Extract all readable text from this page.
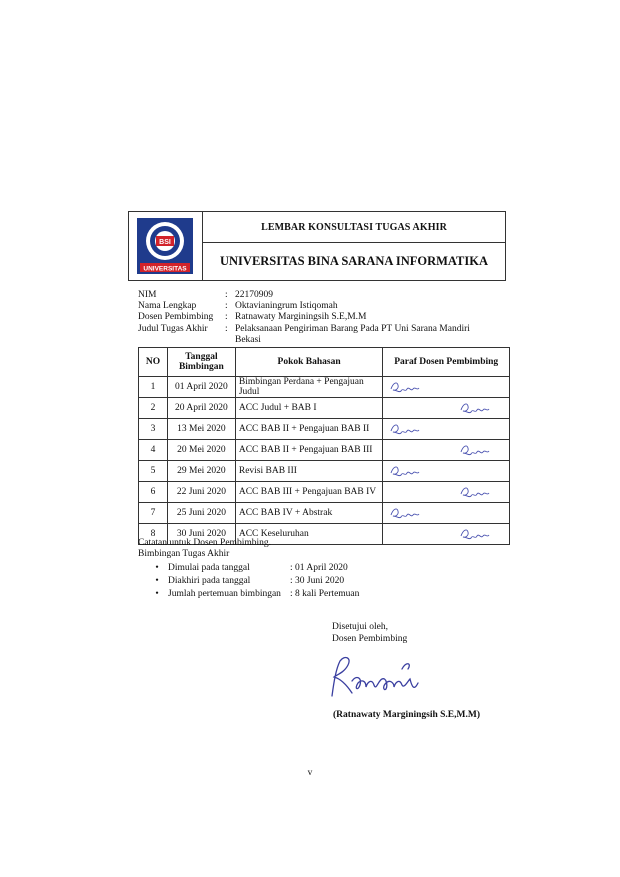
BSI
UNIVERSITAS
LEMBAR KONSULTASI TUGAS AKHIR
UNIVERSITAS BINA SARANA INFORMATIKA
NIM	: 22170909
Nama Lengkap	: Oktavianingrum Istiqomah
Dosen Pembimbing	: Ratnawaty Marginingsih S.E,M.M
Judul Tugas Akhir	: Pelaksanaan Pengiriman Barang Pada PT Uni Sarana Mandiri Bekasi
NO	Tanggal Bimbingan	Pokok Bahasan	Paraf Dosen Pembimbing
1	01 April 2020	Bimbingan Perdana + Pengajuan Judul	

2	20 April 2020	ACC Judul + BAB I	

3	13 Mei 2020	ACC BAB II + Pengajuan BAB II	

4	20 Mei 2020	ACC BAB II + Pengajuan BAB III	

5	29 Mei 2020	Revisi BAB III	

6	22 Juni 2020	ACC BAB III + Pengajuan BAB IV	

7	25 Juni 2020	ACC BAB IV + Abstrak	

8	30 Juni 2020	ACC Keseluruhan	
Catatan untuk Dosen Pembimbing.
Bimbingan Tugas Akhir
• Dimulai pada tanggal	: 01 April 2020
• Diakhiri pada tanggal	: 30 Juni 2020
• Jumlah pertemuan bimbingan : 8 kali Pertemuan
Disetujui oleh,
Dosen Pembimbing
(Ratnawaty Marginingsih S.E,M.M)
v
